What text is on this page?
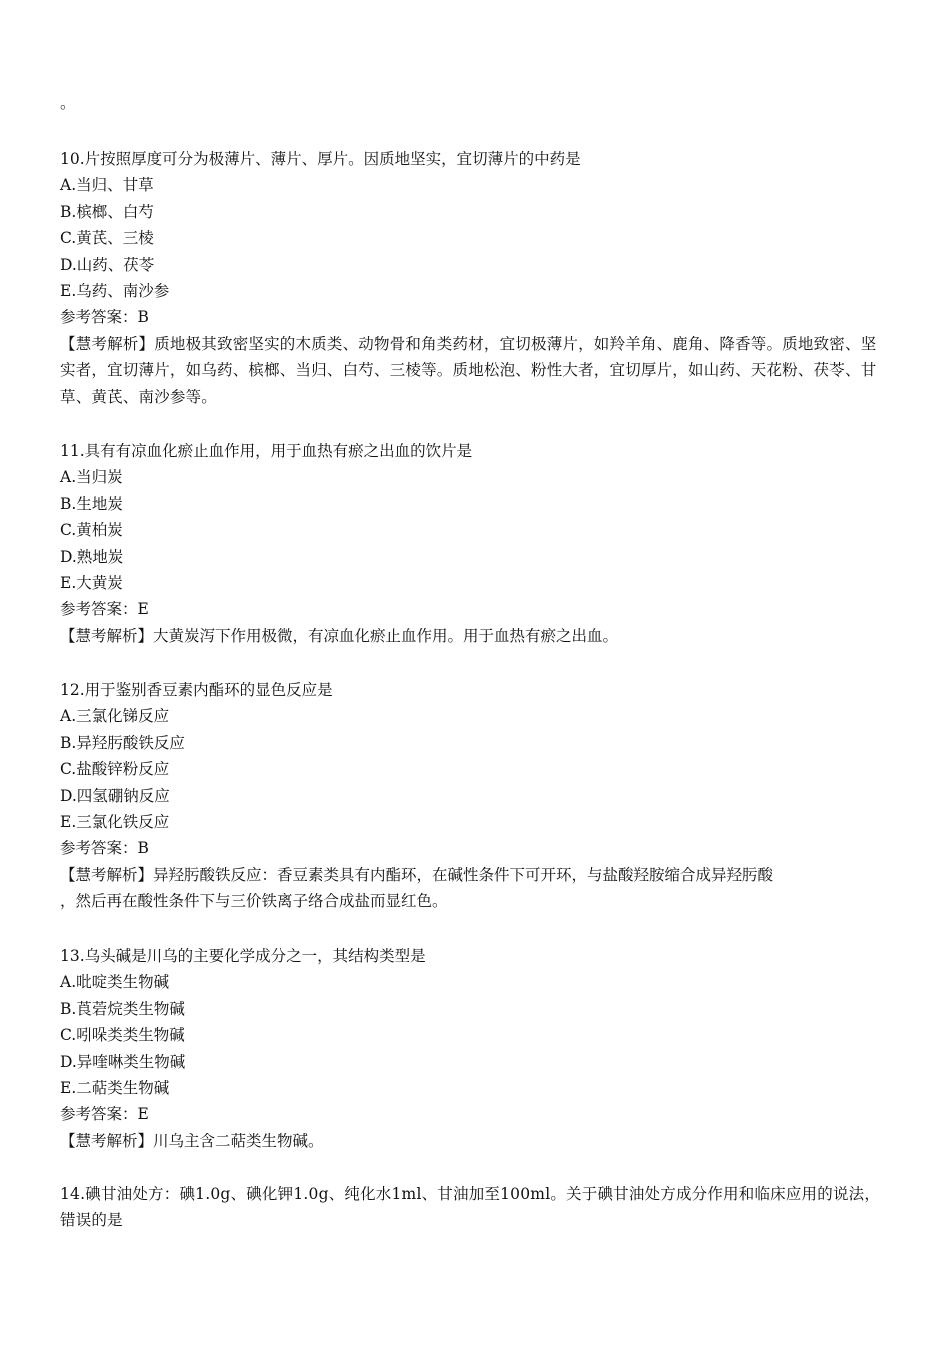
。
10.片按照厚度可分为极薄片、薄片、厚片。因质地坚实，宜切薄片的中药是
A.当归、甘草
B.槟榔、白芍
C.黄芪、三棱
D.山药、茯苓
E.乌药、南沙参
参考答案：B
【慧考解析】质地极其致密坚实的木质类、动物骨和角类药材，宜切极薄片，如羚羊角、鹿角、降香等。质地致密、坚实者，宜切薄片，如乌药、槟榔、当归、白芍、三棱等。质地松泡、粉性大者，宜切厚片，如山药、天花粉、茯苓、甘草、黄芪、南沙参等。
11.具有有凉血化瘀止血作用，用于血热有瘀之出血的饮片是
A.当归炭
B.生地炭
C.黄柏炭
D.熟地炭
E.大黄炭
参考答案：E
【慧考解析】大黄炭泻下作用极微，有凉血化瘀止血作用。用于血热有瘀之出血。
12.用于鉴别香豆素内酯环的显色反应是
A.三氯化锑反应
B.异羟肟酸铁反应
C.盐酸锌粉反应
D.四氢硼钠反应
E.三氯化铁反应
参考答案：B
【慧考解析】异羟肟酸铁反应：香豆素类具有内酯环，在碱性条件下可开环，与盐酸羟胺缩合成异羟肟酸
，然后再在酸性条件下与三价铁离子络合成盐而显红色。
13.乌头碱是川乌的主要化学成分之一，其结构类型是
A.吡啶类生物碱
B.莨菪烷类生物碱
C.吲哚类类生物碱
D.异喹啉类生物碱
E.二萜类生物碱
参考答案：E
【慧考解析】川乌主含二萜类生物碱。
14.碘甘油处方：碘1.0g、碘化钾1.0g、纯化水1ml、甘油加至100ml。关于碘甘油处方成分作用和临床应用的说法，错误的是
